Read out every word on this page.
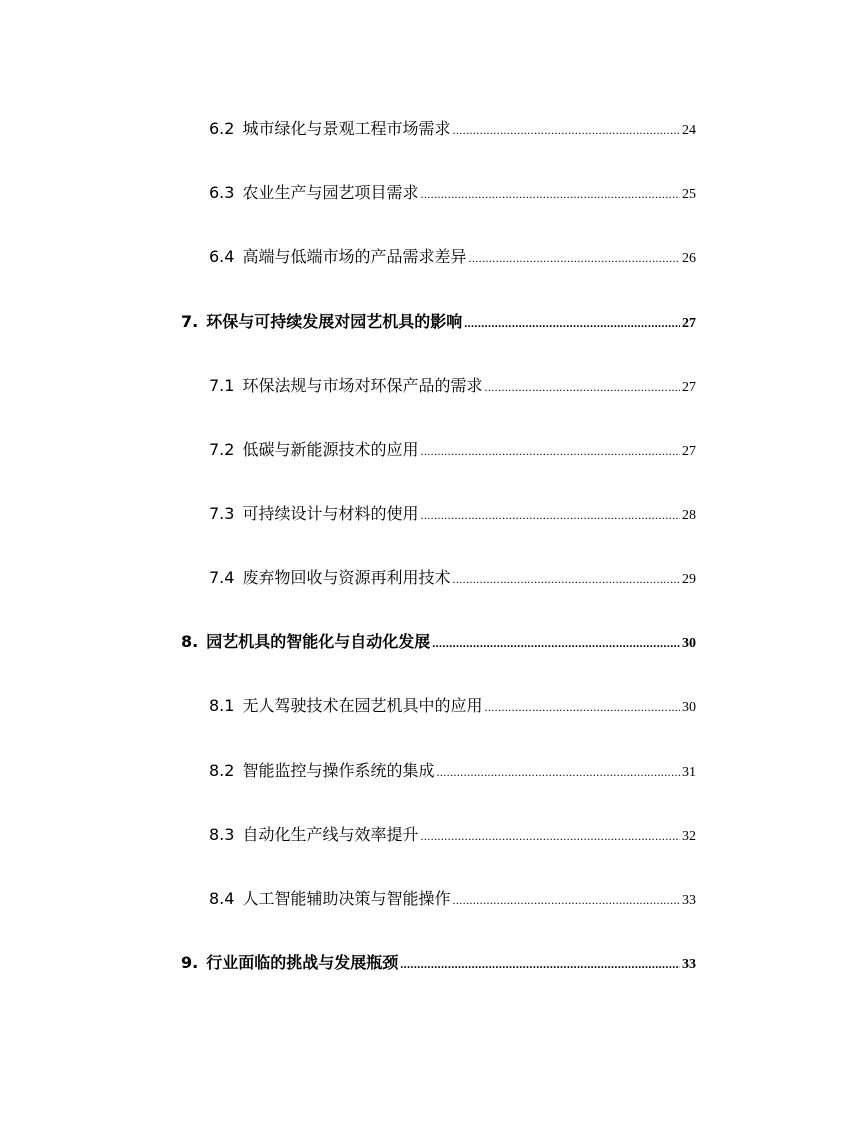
6.2 城市绿化与景观工程市场需求 .....	24
6.3 农业生产与园艺项目需求 .....	25
6.4 高端与低端市场的产品需求差异 .....	26
7. 环保与可持续发展对园艺机具的影响 .....	27
7.1 环保法规与市场对环保产品的需求 .....	27
7.2 低碳与新能源技术的应用 .....	27
7.3 可持续设计与材料的使用 .....	28
7.4 废弃物回收与资源再利用技术 .....	29
8. 园艺机具的智能化与自动化发展 .....	30
8.1 无人驾驶技术在园艺机具中的应用 .....	30
8.2 智能监控与操作系统的集成 .....	31
8.3 自动化生产线与效率提升 .....	32
8.4 人工智能辅助决策与智能操作 .....	33
9. 行业面临的挑战与发展瓶颈 .....	33
